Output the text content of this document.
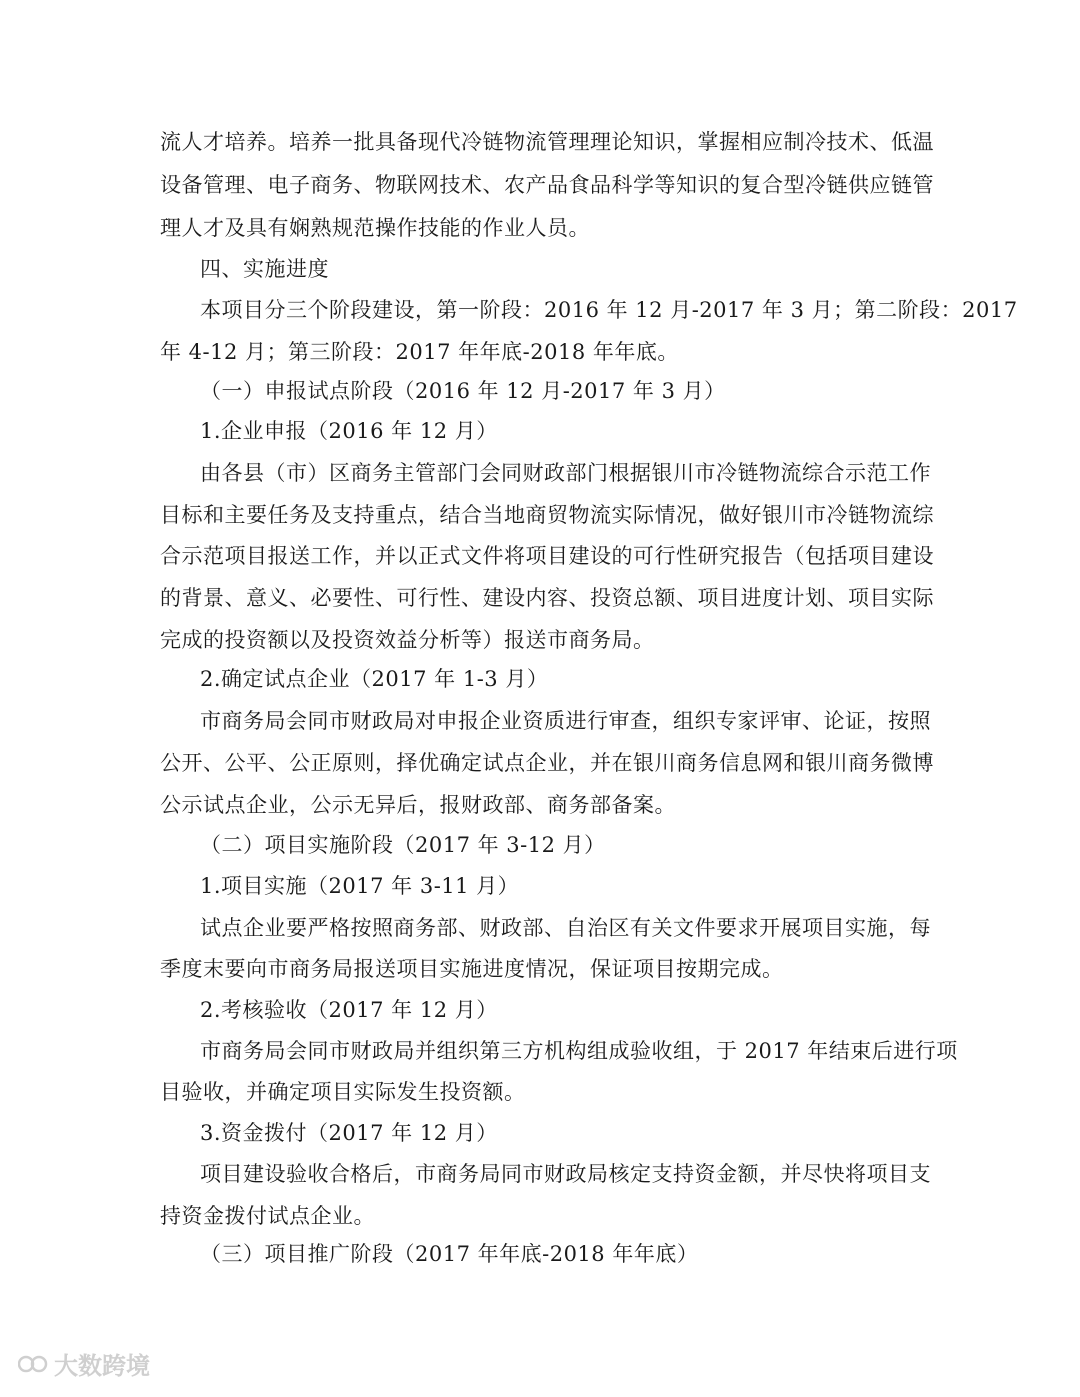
流人才培养。培养一批具备现代冷链物流管理理论知识，掌握相应制冷技术、低温
设备管理、电子商务、物联网技术、农产品食品科学等知识的复合型冷链供应链管
理人才及具有娴熟规范操作技能的作业人员。
四、实施进度
本项目分三个阶段建设，第一阶段：2016 年 12 月-2017 年 3 月；第二阶段：2017
年 4-12 月；第三阶段：2017 年年底-2018 年年底。
（一）申报试点阶段（2016 年 12 月-2017 年 3 月）
1.企业申报（2016 年 12 月）
由各县（市）区商务主管部门会同财政部门根据银川市冷链物流综合示范工作
目标和主要任务及支持重点，结合当地商贸物流实际情况，做好银川市冷链物流综
合示范项目报送工作，并以正式文件将项目建设的可行性研究报告（包括项目建设
的背景、意义、必要性、可行性、建设内容、投资总额、项目进度计划、项目实际
完成的投资额以及投资效益分析等）报送市商务局。
2.确定试点企业（2017 年 1-3 月）
市商务局会同市财政局对申报企业资质进行审查，组织专家评审、论证，按照
公开、公平、公正原则，择优确定试点企业，并在银川商务信息网和银川商务微博
公示试点企业，公示无异后，报财政部、商务部备案。
（二）项目实施阶段（2017 年 3-12 月）
1.项目实施（2017 年 3-11 月）
试点企业要严格按照商务部、财政部、自治区有关文件要求开展项目实施，每
季度末要向市商务局报送项目实施进度情况，保证项目按期完成。
2.考核验收（2017 年 12 月）
市商务局会同市财政局并组织第三方机构组成验收组，于 2017 年结束后进行项
目验收，并确定项目实际发生投资额。
3.资金拨付（2017 年 12 月）
项目建设验收合格后，市商务局同市财政局核定支持资金额，并尽快将项目支
持资金拨付试点企业。
（三）项目推广阶段（2017 年年底-2018 年年底）
大数跨境
